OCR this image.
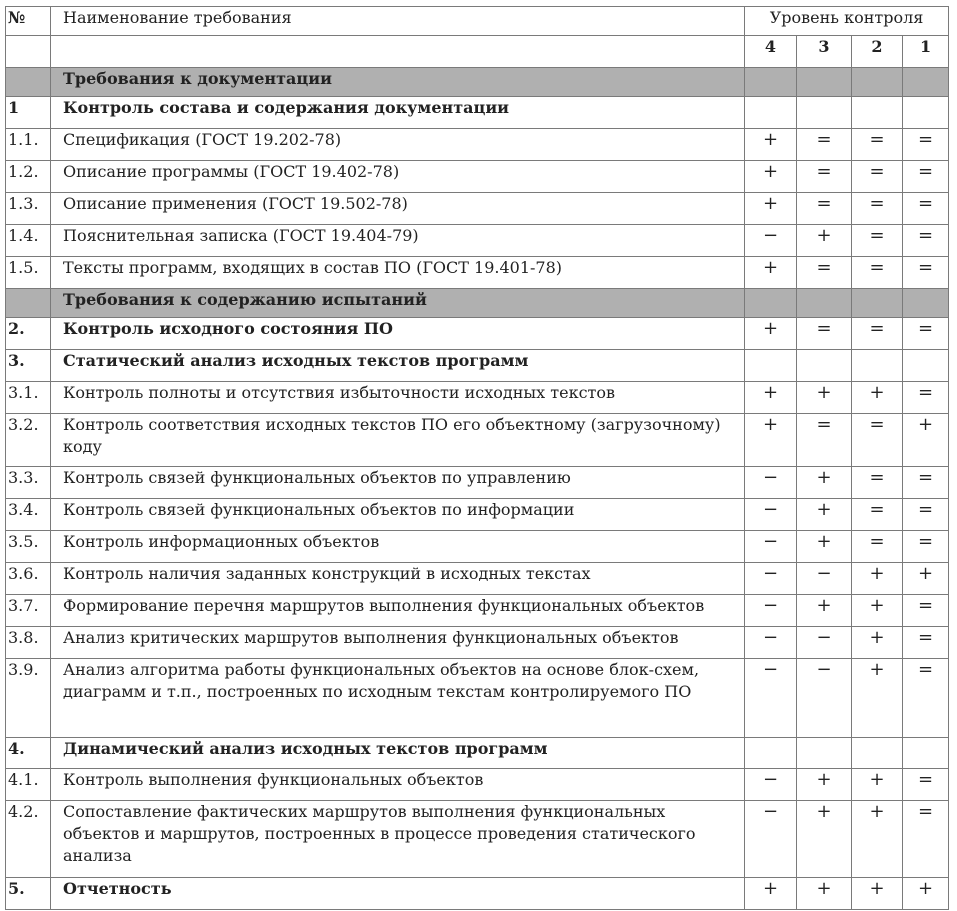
№	Наименование требования	Уровень контроля			
		4	3	2	1
	Требования к документации				
1	Контроль состава и содержания документации				
1.1.	Спецификация (ГОСТ 19.202-78)	+	=	=	=
1.2.	Описание программы (ГОСТ 19.402-78)	+	=	=	=
1.3.	Описание применения (ГОСТ 19.502-78)	+	=	=	=
1.4.	Пояснительная записка (ГОСТ 19.404-79)	−	+	=	=
1.5.	Тексты программ, входящих в состав ПО (ГОСТ 19.401-78)	+	=	=	=
	Требования к содержанию испытаний				
2.	Контроль исходного состояния ПО	+	=	=	=
3.	Статический анализ исходных текстов программ				
3.1.	Контроль полноты и отсутствия избыточности исходных текстов	+	+	+	=
3.2.	Контроль соответствия исходных текстов ПО его объектному (загрузочному) коду	+	=	=	+
3.3.	Контроль связей функциональных объектов по управлению	−	+	=	=
3.4.	Контроль связей функциональных объектов по информации	−	+	=	=
3.5.	Контроль информационных объектов	−	+	=	=
3.6.	Контроль наличия заданных конструкций в исходных текстах	−	−	+	+
3.7.	Формирование перечня маршрутов выполнения функциональных объектов	−	+	+	=
3.8.	Анализ критических маршрутов выполнения функциональных объектов	−	−	+	=
3.9.	Анализ алгоритма работы функциональных объектов на основе блок-схем, диаграмм и т.п., построенных по исходным текстам контролируемого ПО	−	−	+	=
4.	Динамический анализ исходных текстов программ				
4.1.	Контроль выполнения функциональных объектов	−	+	+	=
4.2.	Сопоставление фактических маршрутов выполнения функциональных объектов и маршрутов, построенных в процессе проведения статического анализа	−	+	+	=
5.	Отчетность	+	+	+	+
